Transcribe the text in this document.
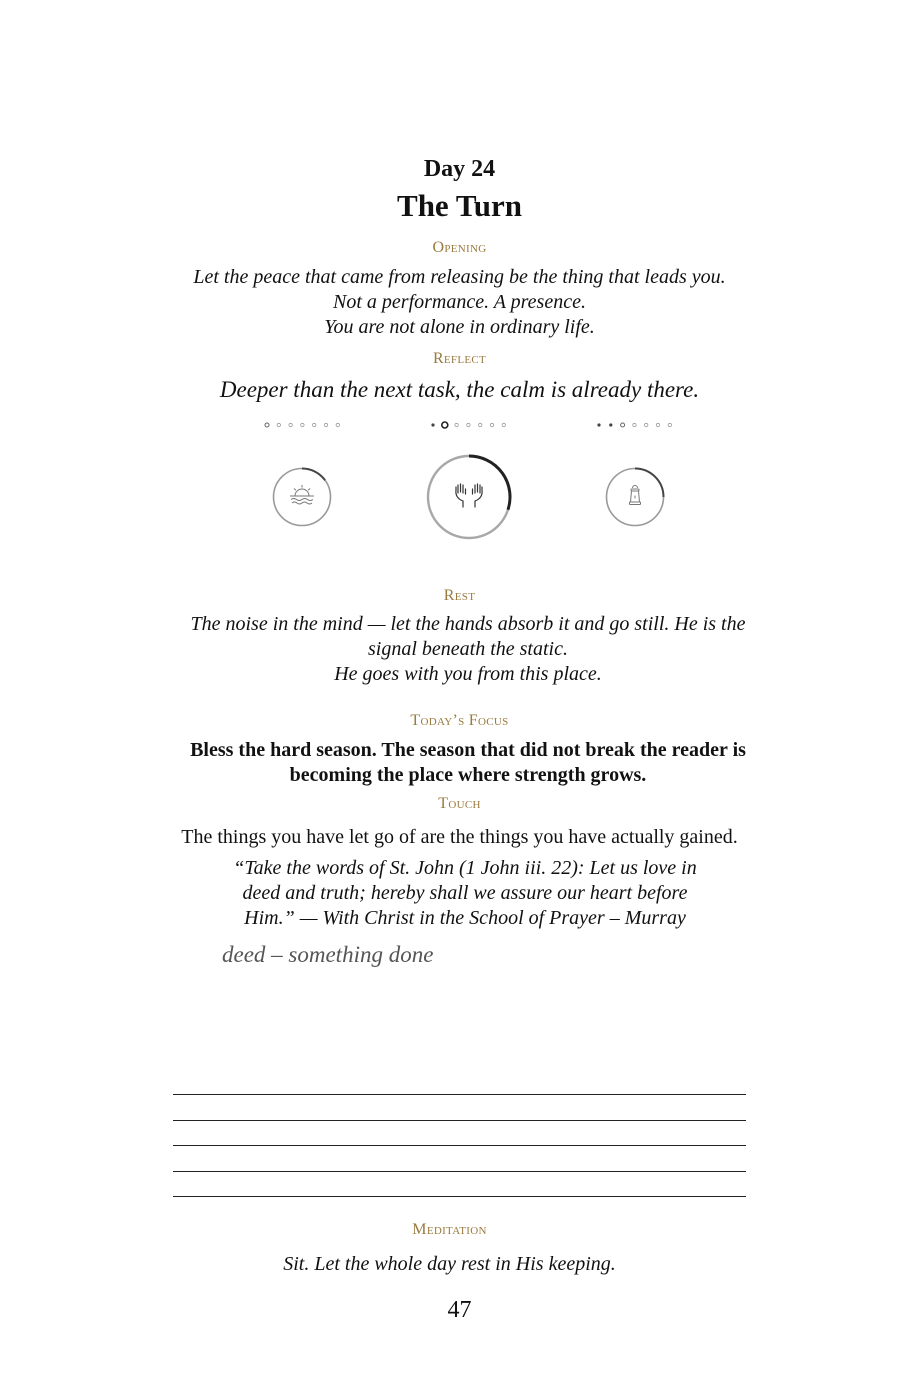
Day 24
The Turn
Opening
Let the peace that came from releasing be the thing that leads you.
Not a performance. A presence.
You are not alone in ordinary life.
Reflect
Deeper than the next task, the calm is already there.
Rest
The noise in the mind — let the hands absorb it and go still. He is the signal beneath the static.
He goes with you from this place.
Today’s Focus
Bless the hard season. The season that did not break the reader is becoming the place where strength grows.
Touch
The things you have let go of are the things you have actually gained.
“Take the words of St. John (1 John iii. 22): Let us love in
deed and truth; hereby shall we assure our heart before
Him.” — With Christ in the School of Prayer – Murray
deed – something done
Meditation
Sit. Let the whole day rest in His keeping.
47
